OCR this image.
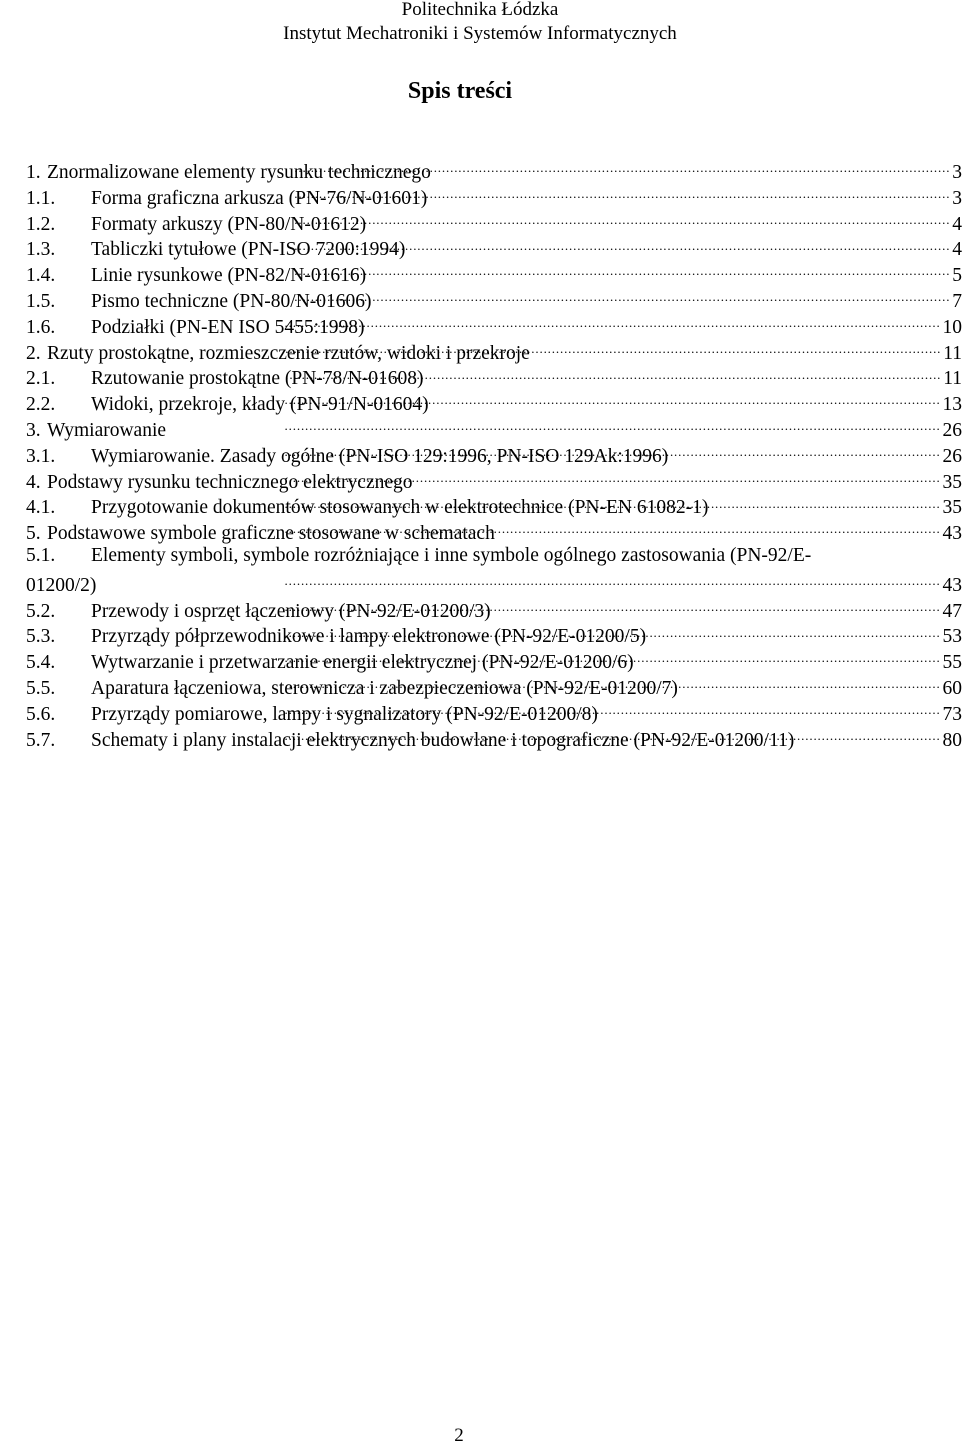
Politechnika Łódzka
Instytut Mechatroniki i Systemów Informatycznych
Spis treści
1. Znormalizowane elementy rysunku technicznego . . .	3
1.1.	Forma graficzna arkusza (PN-76/N-01601) . . .	3
1.2.	Formaty arkuszy (PN-80/N-01612) . . .	4
1.3.	Tabliczki tytułowe (PN-ISO 7200:1994) . . .	4
1.4.	Linie rysunkowe (PN-82/N-01616) . . .	5
1.5.	Pismo techniczne (PN-80/N-01606) . . .	7
1.6.	Podziałki (PN-EN ISO 5455:1998) . . .	10
2. Rzuty prostokątne, rozmieszczenie rzutów, widoki i przekroje . . .	11
2.1.	Rzutowanie prostokątne (PN-78/N-01608) . . .	11
2.2.	Widoki, przekroje, kłady (PN-91/N-01604) . . .	13
3. Wymiarowanie . . .	26
3.1.	Wymiarowanie. Zasady ogólne (PN-ISO 129:1996, PN-ISO 129Ak:1996) . . .	26
4. Podstawy rysunku technicznego elektrycznego . . .	35
4.1.	Przygotowanie dokumentów stosowanych w elektrotechnice (PN-EN 61082-1) . . .	35
5. Podstawowe symbole graficzne stosowane w schematach . . .	43
5.1.	Elementy symboli, symbole rozróżniające i inne symbole ogólnego zastosowania (PN-92/E-
01200/2) . . .	43
5.2.	Przewody i osprzęt łączeniowy (PN-92/E-01200/3) . . .	47
5.3.	Przyrządy półprzewodnikowe i lampy elektronowe (PN-92/E-01200/5) . . .	53
5.4.	Wytwarzanie i przetwarzanie energii elektrycznej (PN-92/E-01200/6) . . .	55
5.5.	Aparatura łączeniowa, sterownicza i zabezpieczeniowa (PN-92/E-01200/7) . . .	60
5.6.	Przyrządy pomiarowe, lampy i sygnalizatory (PN-92/E-01200/8) . . .	73
5.7.	Schematy i plany instalacji elektrycznych budowlane i topograficzne (PN-92/E-01200/11) . . .	80
2
